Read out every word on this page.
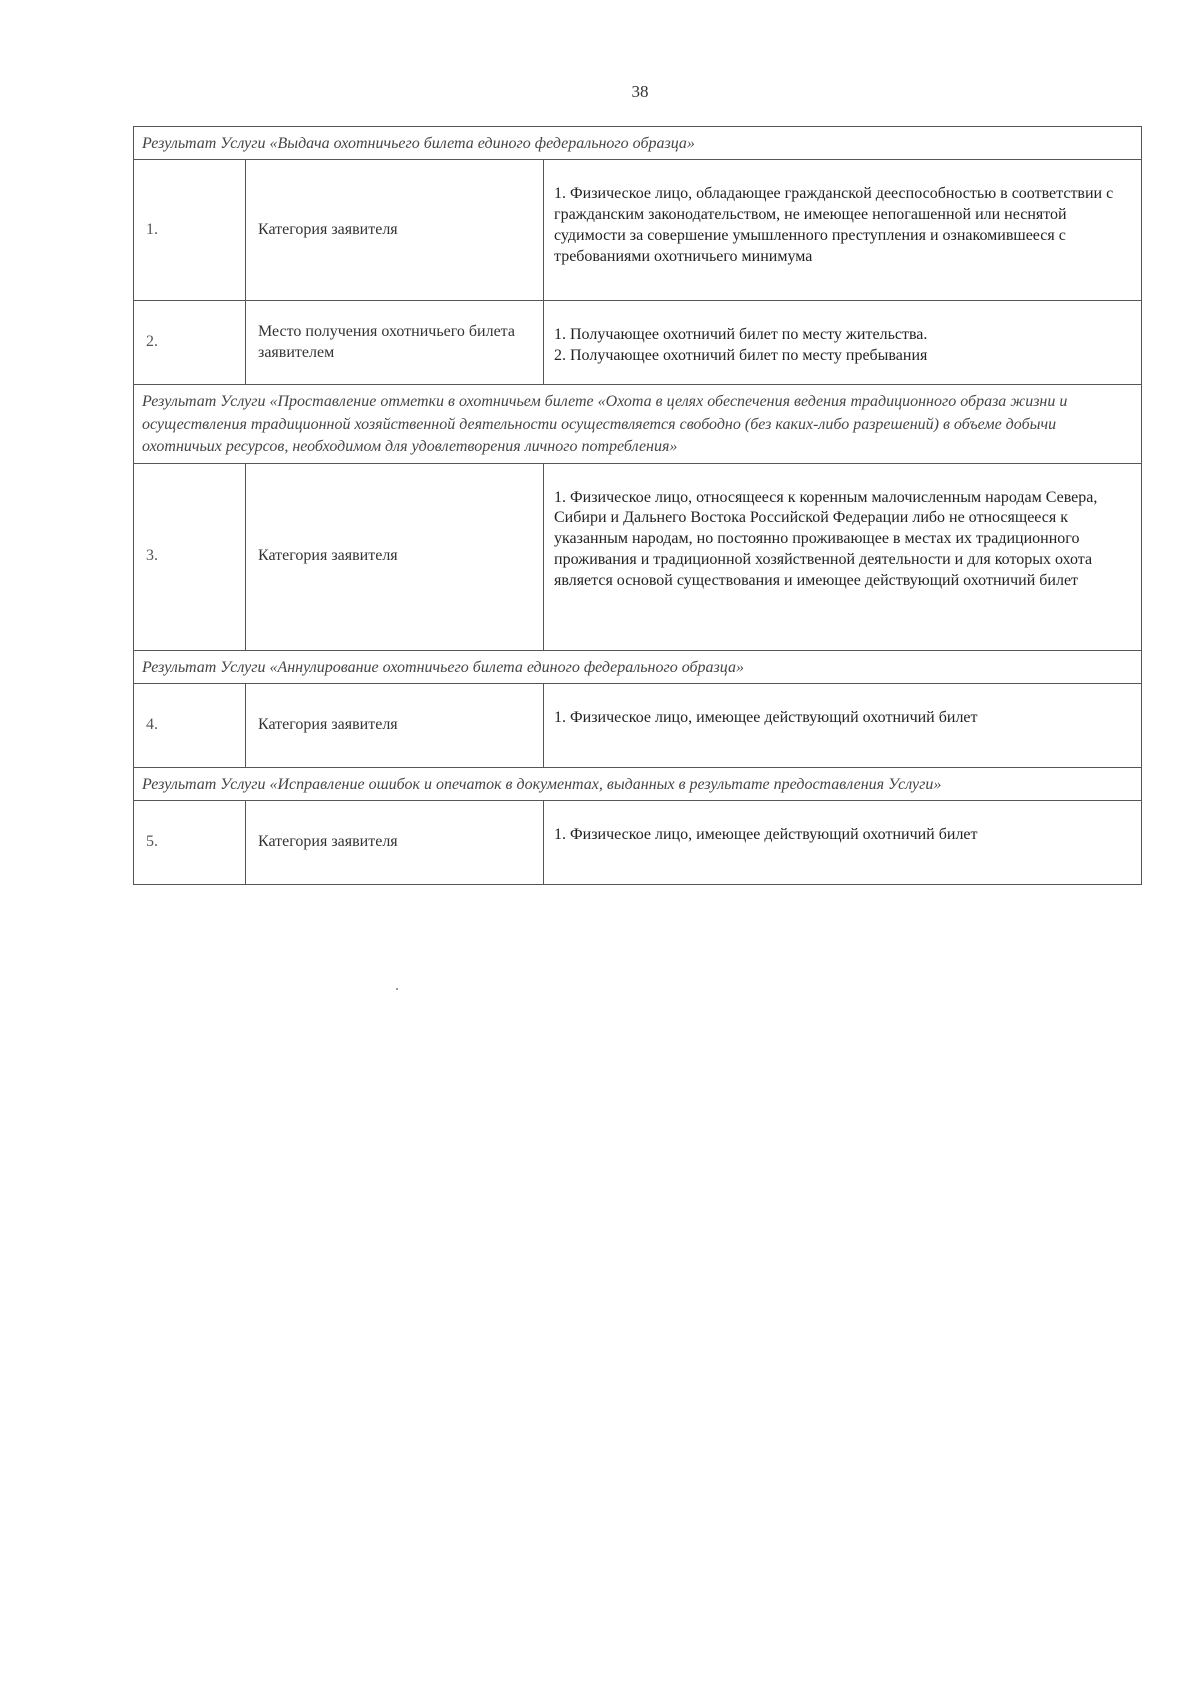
38
Результат Услуги «Выдача охотничьего билета единого федерального образца»		
1.	Категория заявителя	1. Физическое лицо, обладающее гражданской дееспособностью в соответствии с гражданским законодательством, не имеющее непогашенной или неснятой судимости за совершение умышленного преступления и ознакомившееся с требованиями охотничьего минимума

2.	Место получения охотничьего билета заявителем	1. Получающее охотничий билет по месту жительства.

2. Получающее охотничий билет по месту пребывания

Результат Услуги «Проставление отметки в охотничьем билете «Охота в целях обеспечения ведения традиционного образа жизни и осуществления традиционной хозяйственной деятельности осуществляется свободно (без каких-либо разрешений) в объеме добычи охотничьих ресурсов, необходимом для удовлетворения личного потребления»		
3.	Категория заявителя	1. Физическое лицо, относящееся к коренным малочисленным народам Севера, Сибири и Дальнего Востока Российской Федерации либо не относящееся к указанным народам, но постоянно проживающее в местах их традиционного проживания и традиционной хозяйственной деятельности и для которых охота является основой существования и имеющее действующий охотничий билет

Результат Услуги «Аннулирование охотничьего билета единого федерального образца»		
4.	Категория заявителя	1. Физическое лицо, имеющее действующий охотничий билет

Результат Услуги «Исправление ошибок и опечаток в документах, выданных в результате предоставления Услуги»		
5.	Категория заявителя	1. Физическое лицо, имеющее действующий охотничий билет
